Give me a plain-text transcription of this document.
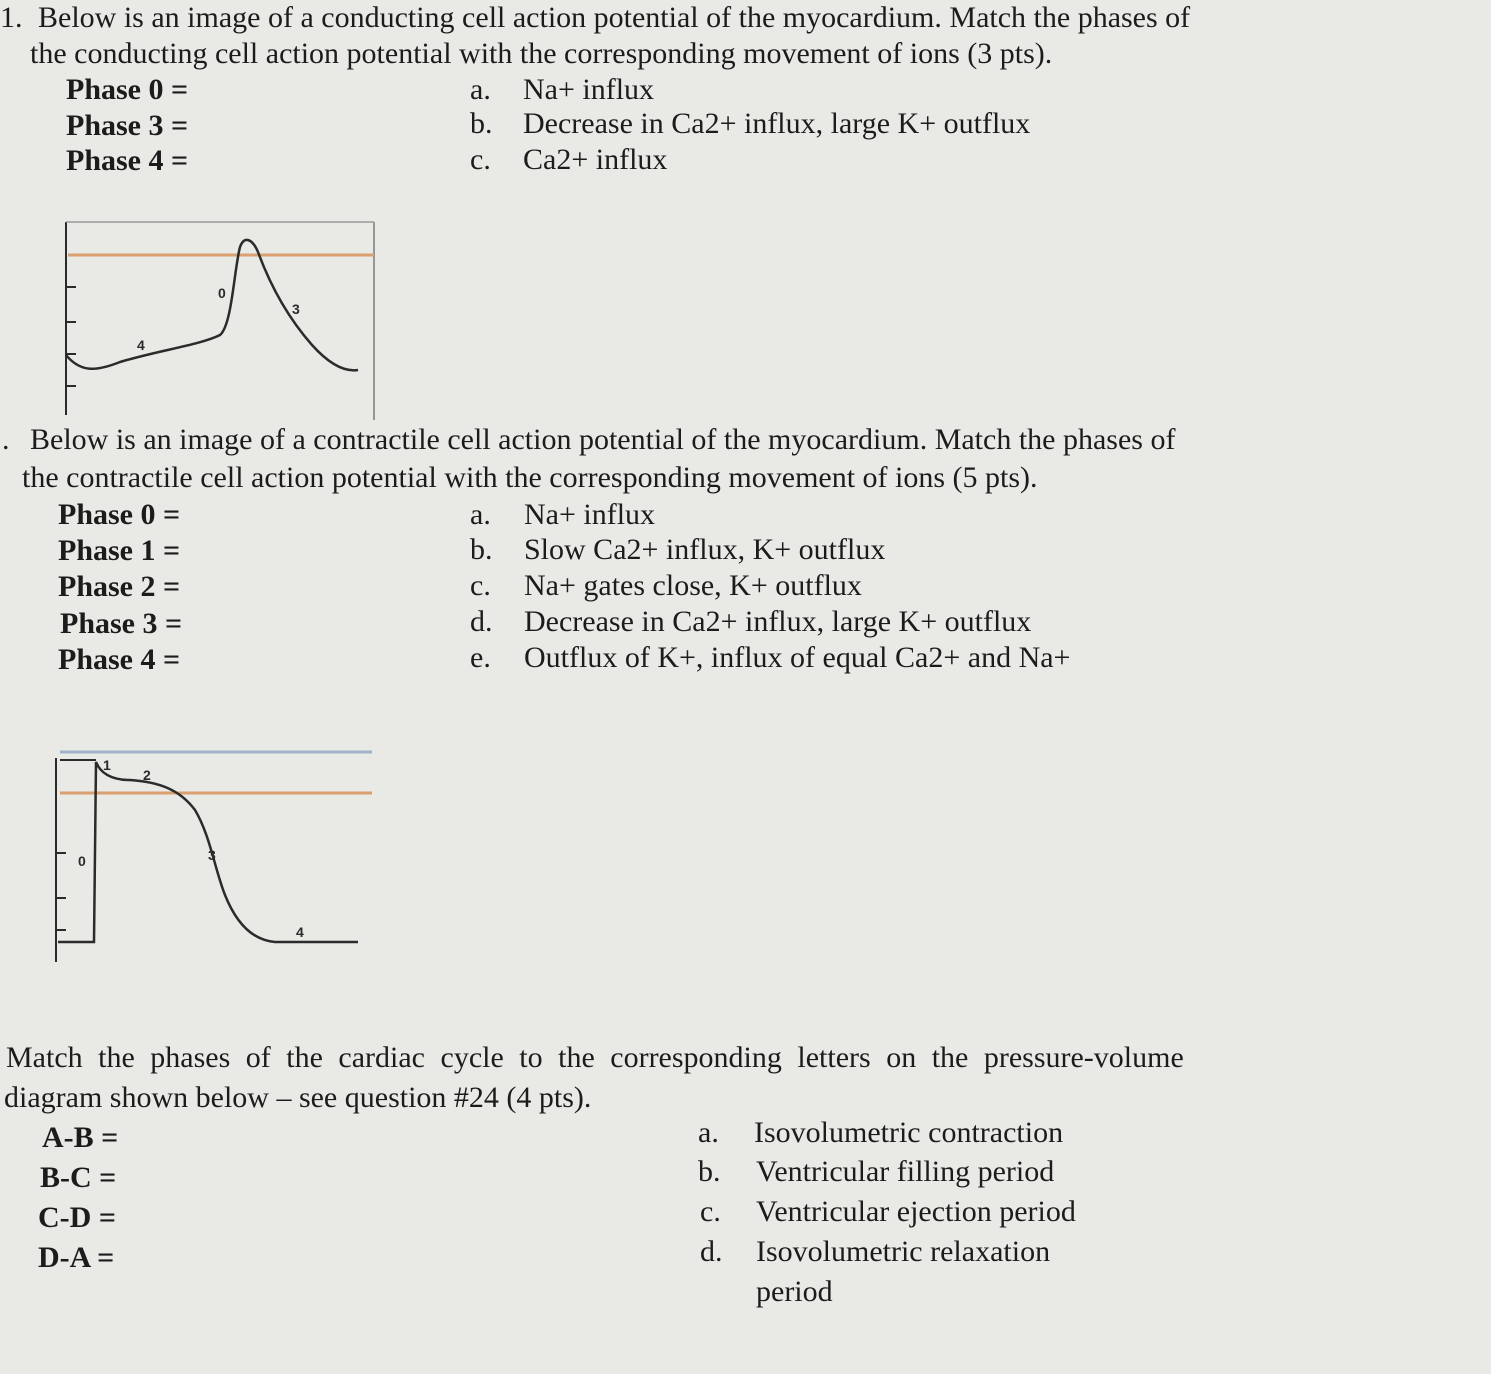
1. Below is an image of a conducting cell action potential of the myocardium. Match the phases of
the conducting cell action potential with the corresponding movement of ions (3 pts).
Phase 0 =
Phase 3 =
Phase 4 =
a. Na+ influx
b. Decrease in Ca2+ influx, large K+ outflux
c. Ca2+ influx
0
3
4
. Below is an image of a contractile cell action potential of the myocardium. Match the phases of
the contractile cell action potential with the corresponding movement of ions (5 pts).
Phase 0 =
Phase 1 =
Phase 2 =
Phase 3 =
Phase 4 =
a. Na+ influx
b. Slow Ca2+ influx, K+ outflux
c. Na+ gates close, K+ outflux
d. Decrease in Ca2+ influx, large K+ outflux
e. Outflux of K+, influx of equal Ca2+ and Na+
0
1
2
3
4
Match the phases of the cardiac cycle to the corresponding letters on the pressure-volume
diagram shown below – see question #24 (4 pts).
A-B =
B-C =
C-D =
D-A =
a. Isovolumetric contraction
b. Ventricular filling period
c. Ventricular ejection period
d. Isovolumetric relaxation
period
